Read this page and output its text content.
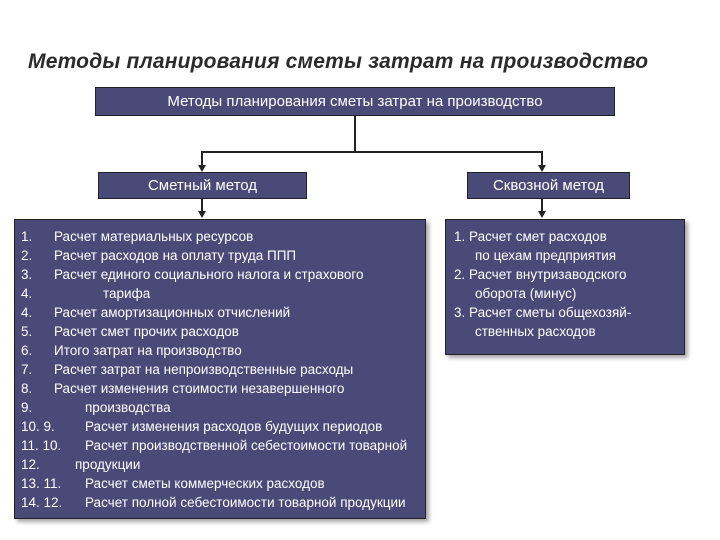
Методы планирования сметы затрат на производство
Методы планирования сметы затрат на производство
Сметный метод	Сквозной метод
1. Расчет материальных ресурсов
2. Расчет расходов на оплату труда ППП
3. Расчет единого социального налога и страхового
4.	тарифа
4. Расчет амортизационных отчислений
5. Расчет смет прочих расходов
6. Итого затрат на производство
7. Расчет затрат на непроизводственные расходы
8. Расчет изменения стоимости незавершенного
9.	производства
10. 9. Расчет изменения расходов будущих периодов
11. 10. Расчет производственной себестоимости товарной
12.	продукции
13. 11. Расчет сметы коммерческих расходов
14. 12. Расчет полной себестоимости товарной продукции
1. Расчет смет расходов
по цехам предприятия
2. Расчет внутризаводского
оборота (минус)
3. Расчет сметы общехозяй-
ственных расходов
